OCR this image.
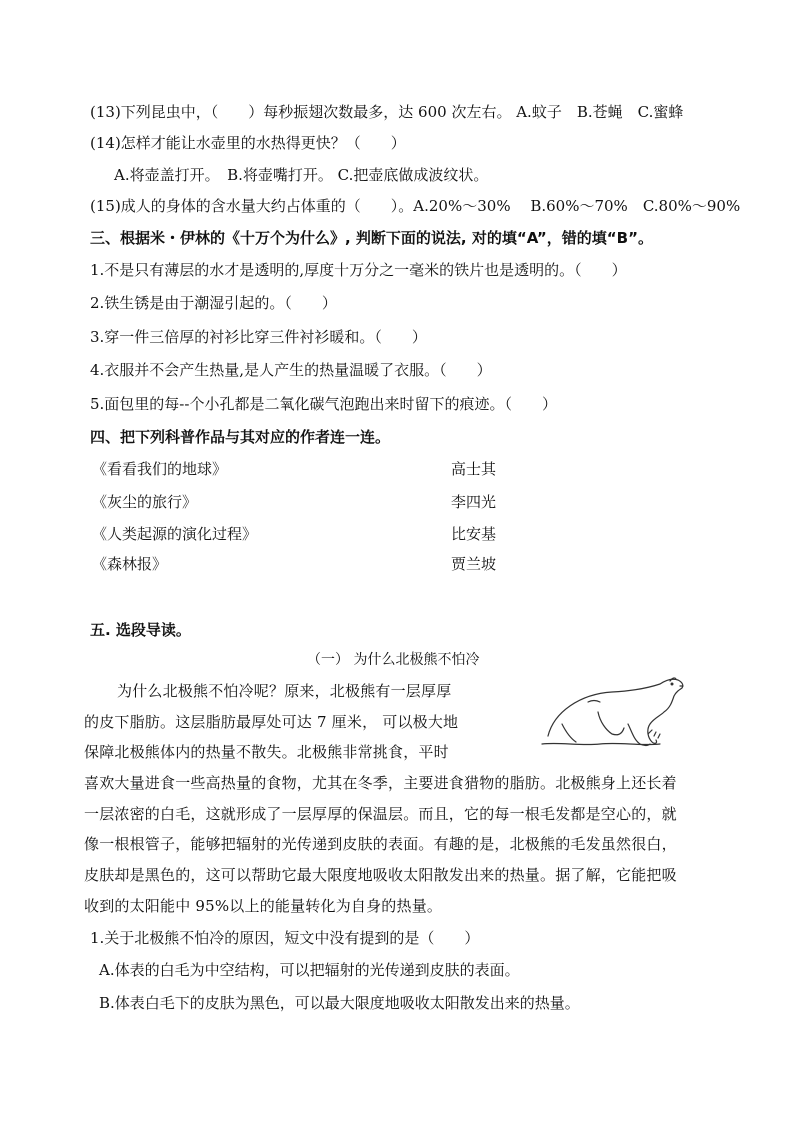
(13)下列昆虫中，（　　）每秒振翅次数最多，达 600 次左右。 A.蚊子　B.苍蝇　C.蜜蜂
(14)怎样才能让水壶里的水热得更快？（　　）
A.将壶盖打开。　B.将壶嘴打开。 C.把壶底做成波纹状。
(15)成人的身体的含水量大约占体重的（　　）。A.20%～30%　 B.60%～70%　C.80%～90%
三、根据米・伊林的《十万个为什么》, 判断下面的说法, 对的填“A”，错的填“B”。
1.不是只有薄层的水才是透明的,厚度十万分之一毫米的铁片也是透明的。（　　）
2.铁生锈是由于潮湿引起的。（　　）
3.穿一件三倍厚的衬衫比穿三件衬衫暖和。（　　）
4.衣服并不会产生热量,是人产生的热量温暖了衣服。（　　）
5.面包里的每--个小孔都是二氧化碳气泡跑出来时留下的痕迹。（　　）
四、把下列科普作品与其对应的作者连一连。
《看看我们的地球》
《灰尘的旅行》
《人类起源的演化过程》
《森林报》
高士其
李四光
比安基
贾兰坡
五. 选段导读。
（一） 为什么北极熊不怕冷
为什么北极熊不怕冷呢？原来，北极熊有一层厚厚
的皮下脂肪。这层脂肪最厚处可达 7 厘米， 可以极大地
保障北极熊体内的热量不散失。北极熊非常挑食，平时
喜欢大量进食一些高热量的食物，尤其在冬季，主要进食猎物的脂肪。北极熊身上还长着
一层浓密的白毛，这就形成了一层厚厚的保温层。而且，它的每一根毛发都是空心的，就
像一根根管子，能够把辐射的光传递到皮肤的表面。有趣的是，北极熊的毛发虽然很白，
皮肤却是黑色的，这可以帮助它最大限度地吸收太阳散发出来的热量。据了解，它能把吸
收到的太阳能中 95%以上的能量转化为自身的热量。
1.关于北极熊不怕冷的原因，短文中没有提到的是（　　）
A.体表的白毛为中空结构，可以把辐射的光传递到皮肤的表面。
B.体表白毛下的皮肤为黑色，可以最大限度地吸收太阳散发出来的热量。
